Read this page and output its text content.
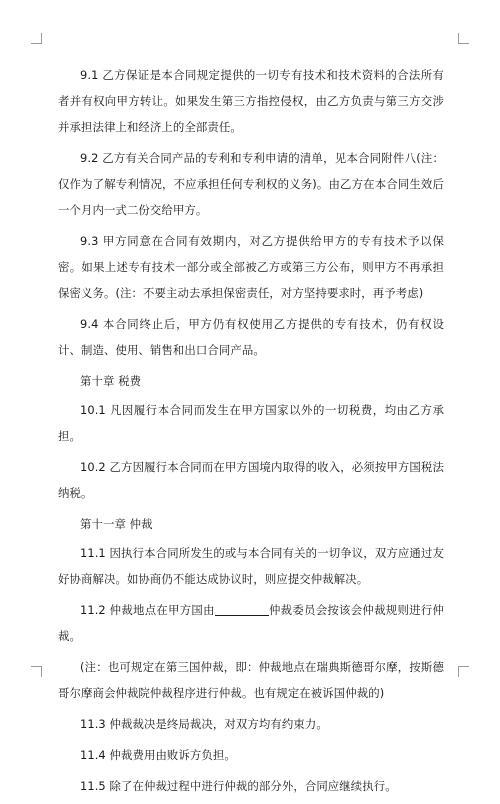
9.1 乙方保证是本合同规定提供的一切专有技术和技术资料的合法所有者并有权向甲方转让。如果发生第三方指控侵权，由乙方负责与第三方交涉并承担法律上和经济上的全部责任。

9.2 乙方有关合同产品的专利和专利申请的清单，见本合同附件八(注：仅作为了解专利情况，不应承担任何专利权的义务)。由乙方在本合同生效后一个月内一式二份交给甲方。

9.3 甲方同意在合同有效期内，对乙方提供给甲方的专有技术予以保密。如果上述专有技术一部分或全部被乙方或第三方公布，则甲方不再承担保密义务。(注：不要主动去承担保密责任，对方坚持要求时，再予考虑)

9.4 本合同终止后，甲方仍有权使用乙方提供的专有技术，仍有权设计、制造、使用、销售和出口合同产品。

第十章 税费

10.1 凡因履行本合同而发生在甲方国家以外的一切税费，均由乙方承担。

10.2 乙方因履行本合同而在甲方国境内取得的收入，必须按甲方国税法纳税。

第十一章 仲裁

11.1 因执行本合同所发生的或与本合同有关的一切争议，双方应通过友好协商解决。如协商仍不能达成协议时，则应提交仲裁解决。

11.2 仲裁地点在甲方国由	仲裁委员会按该会仲裁规则进行仲裁。

(注：也可规定在第三国仲裁，即：仲裁地点在瑞典斯德哥尔摩，按斯德哥尔摩商会仲裁院仲裁程序进行仲裁。也有规定在被诉国仲裁的)

11.3 仲裁裁决是终局裁决，对双方均有约束力。

11.4 仲裁费用由败诉方负担。

11.5 除了在仲裁过程中进行仲裁的部分外，合同应继续执行。
